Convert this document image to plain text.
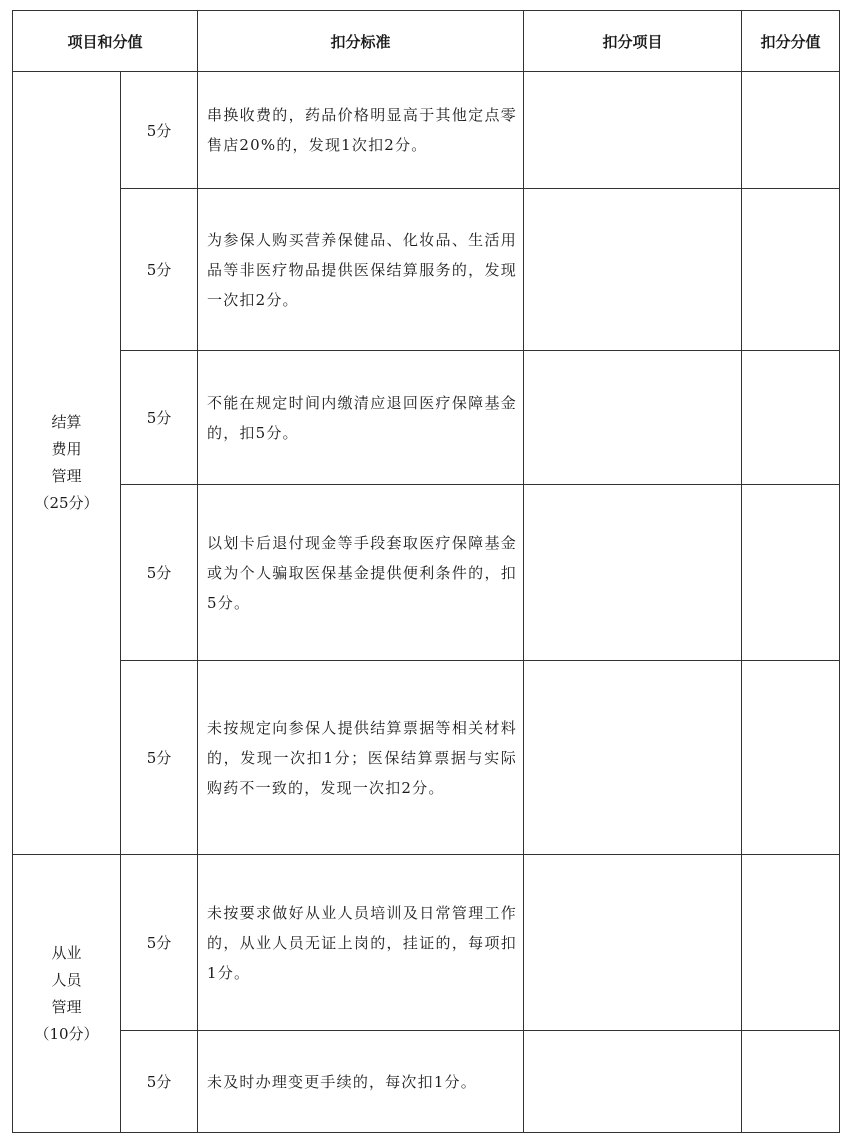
项目和分值		扣分标准	扣分项目	扣分分值

结算
费用
管理
（25分）	5分	串换收费的，药品价格明显高于其他定点零售店20%的，发现1次扣2分。		
	5分	为参保人购买营养保健品、化妆品、生活用品等非医疗物品提供医保结算服务的，发现一次扣2分。		
	5分	不能在规定时间内缴清应退回医疗保障基金的，扣5分。		
	5分	以划卡后退付现金等手段套取医疗保障基金或为个人骗取医保基金提供便利条件的，扣5分。		
	5分	未按规定向参保人提供结算票据等相关材料的，发现一次扣1分；医保结算票据与实际购药不一致的，发现一次扣2分。		

从业
人员
管理
（10分）	5分	未按要求做好从业人员培训及日常管理工作的，从业人员无证上岗的，挂证的，每项扣1分。		
	5分	未及时办理变更手续的，每次扣1分。		
